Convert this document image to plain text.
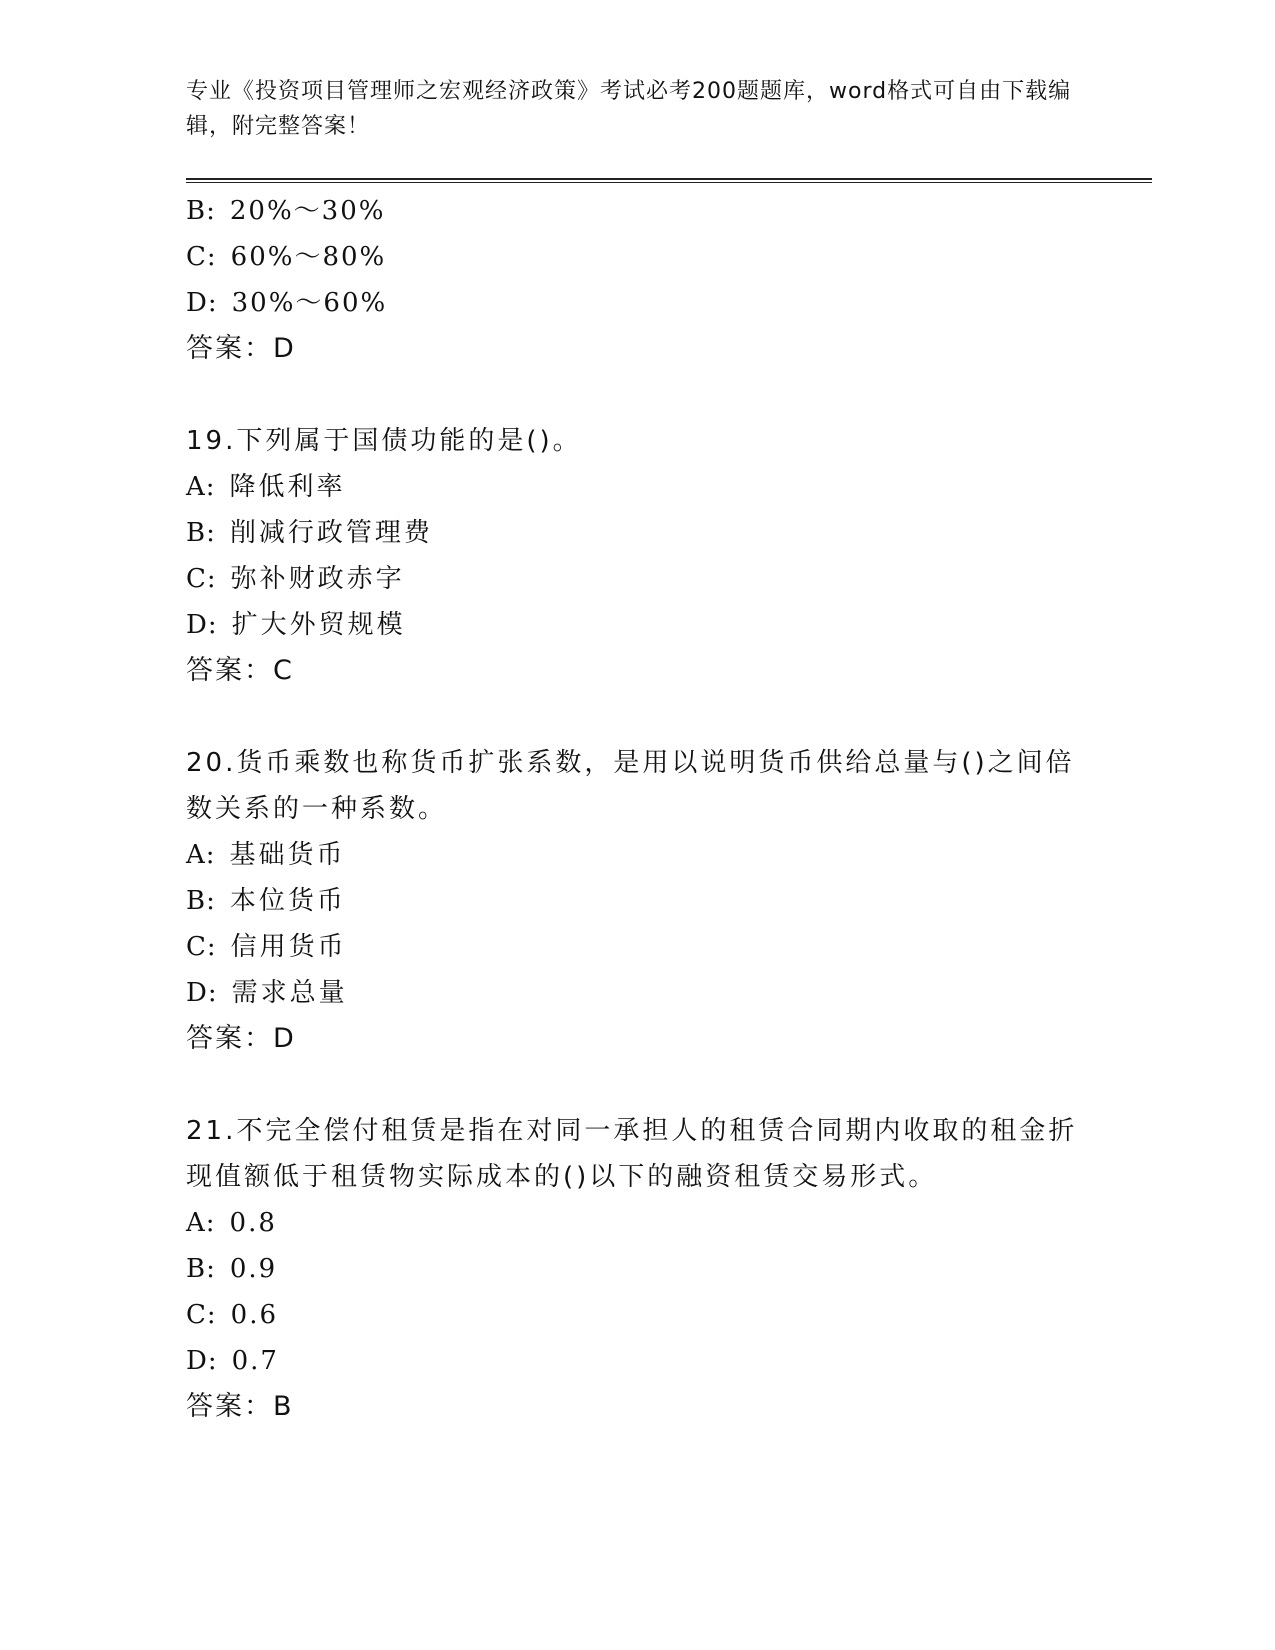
专业《投资项目管理师之宏观经济政策》考试必考200题题库，word格式可自由下载编辑，附完整答案！
B: 20%～30%
C: 60%～80%
D: 30%～60%
答案：D
19.下列属于国债功能的是()。
A: 降低利率
B: 削减行政管理费
C: 弥补财政赤字
D: 扩大外贸规模
答案：C
20.货币乘数也称货币扩张系数，是用以说明货币供给总量与()之间倍数关系的一种系数。
A: 基础货币
B: 本位货币
C: 信用货币
D: 需求总量
答案：D
21.不完全偿付租赁是指在对同一承担人的租赁合同期内收取的租金折现值额低于租赁物实际成本的()以下的融资租赁交易形式。
A: 0.8
B: 0.9
C: 0.6
D: 0.7
答案：B
